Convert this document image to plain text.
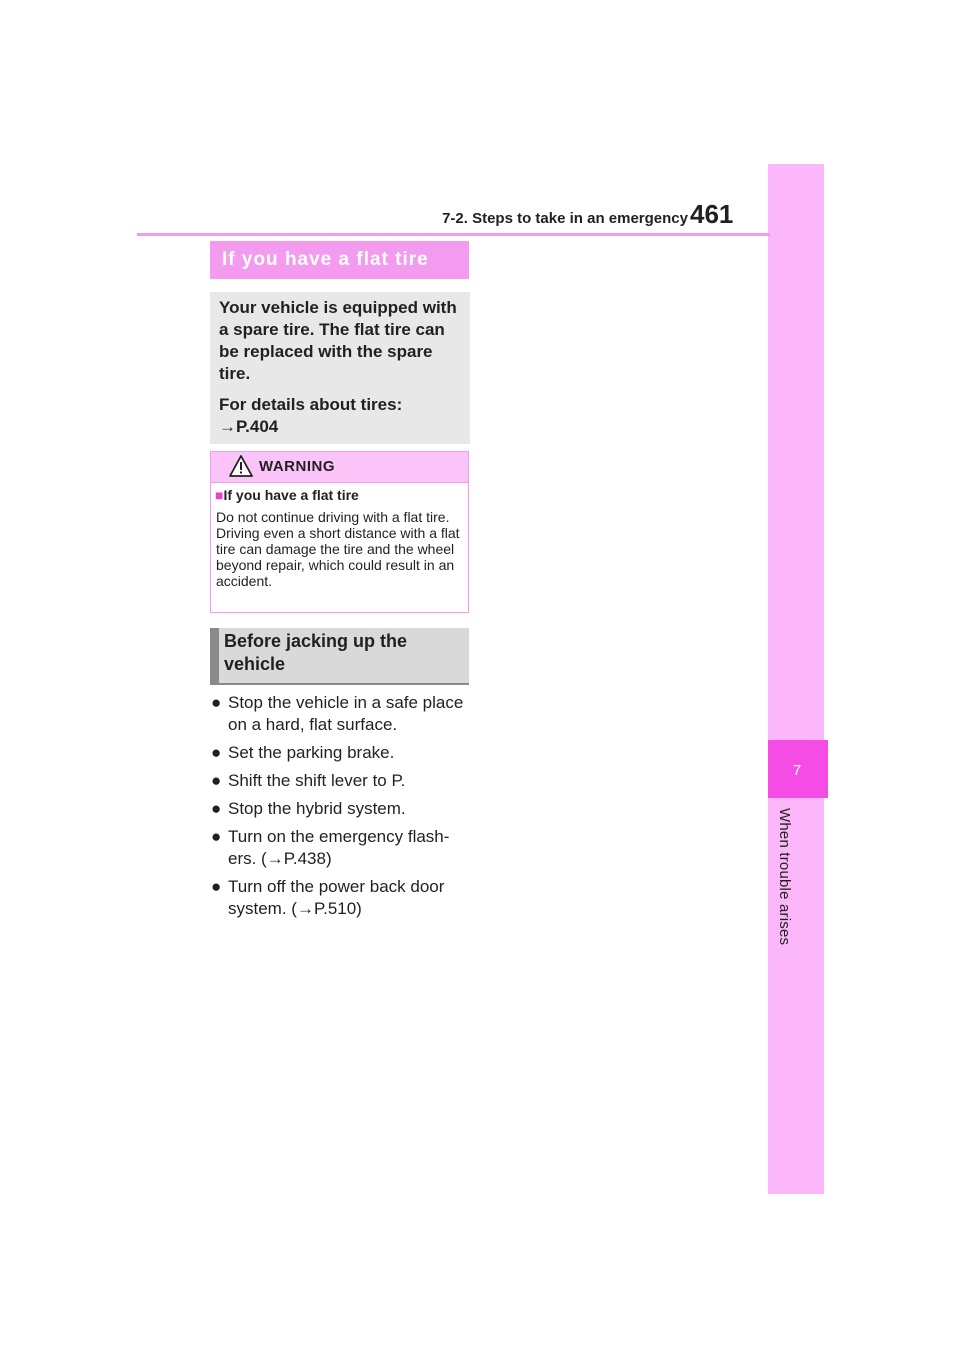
7
When trouble arises
7-2. Steps to take in an emergency 461
If you have a flat tire

Your vehicle is equipped with a spare tire. The flat tire can be replaced with the spare tire.

For details about tires:

→P.404

WARNING
■If you have a flat tire
Do not continue driving with a flat tire.
Driving even a short distance with a flat tire can damage the tire and the wheel beyond repair, which could result in an accident.
Before jacking up the vehicle
● Stop the vehicle in a safe place on a hard, flat surface.
● Set the parking brake.
● Shift the shift lever to P.
● Stop the hybrid system.
● Turn on the emergency flash-ers. (→P.438)
● Turn off the power back door system. (→P.510)
